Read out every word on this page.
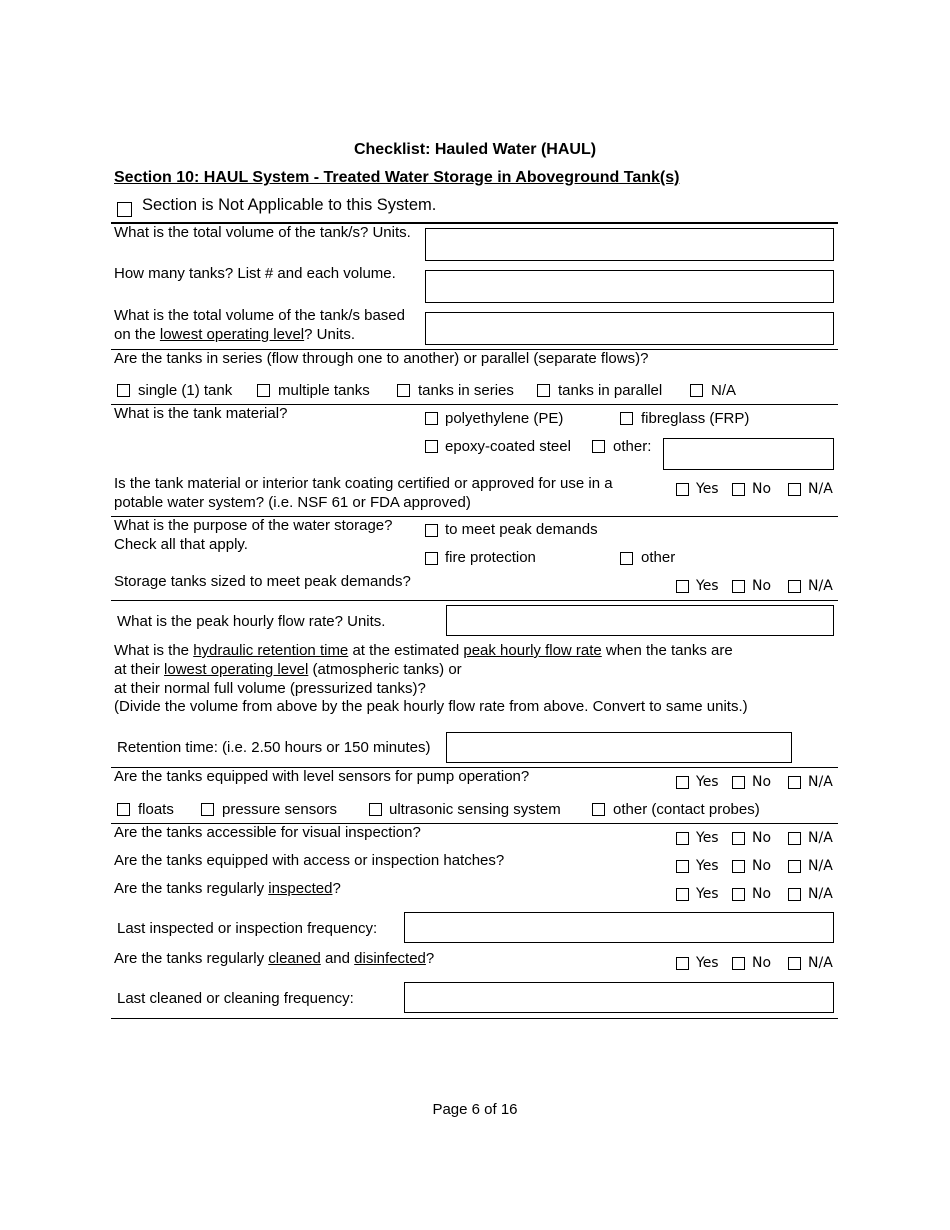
Checklist: Hauled Water (HAUL)
Section 10: HAUL System - Treated Water Storage in Aboveground Tank(s)
Section is Not Applicable to this System.
What is the total volume of the tank/s? Units.
How many tanks? List # and each volume.
What is the total volume of the tank/s based
on the lowest operating level? Units.
Are the tanks in series (flow through one to another) or parallel (separate flows)?
single (1) tank	multiple tanks	tanks in series	tanks in parallel	N/A
What is the tank material?	polyethylene (PE)	fibreglass (FRP)
epoxy-coated steel	other:
Is the tank material or interior tank coating certified or approved for use in a
potable water system? (i.e. NSF 61 or FDA approved)
Yes No	N/A
What is the purpose of the water storage?
Check all that apply.
to meet peak demands
fire protection	other
Storage tanks sized to meet peak demands?	Yes No	N/A
What is the peak hourly flow rate? Units.
What is the hydraulic retention time at the estimated peak hourly flow rate when the tanks are
at their lowest operating level (atmospheric tanks) or
at their normal full volume (pressurized tanks)?
(Divide the volume from above by the peak hourly flow rate from above. Convert to same units.)
Retention time: (i.e. 2.50 hours or 150 minutes)
Are the tanks equipped with level sensors for pump operation?	Yes No	N/A
floats	pressure sensors	ultrasonic sensing system	other (contact probes)
Are the tanks accessible for visual inspection?	Yes No	N/A
Are the tanks equipped with access or inspection hatches?	Yes No	N/A
Are the tanks regularly inspected?	Yes No	N/A
Last inspected or inspection frequency:
Are the tanks regularly cleaned and disinfected?	Yes No	N/A
Last cleaned or cleaning frequency:
Page 6 of 16
